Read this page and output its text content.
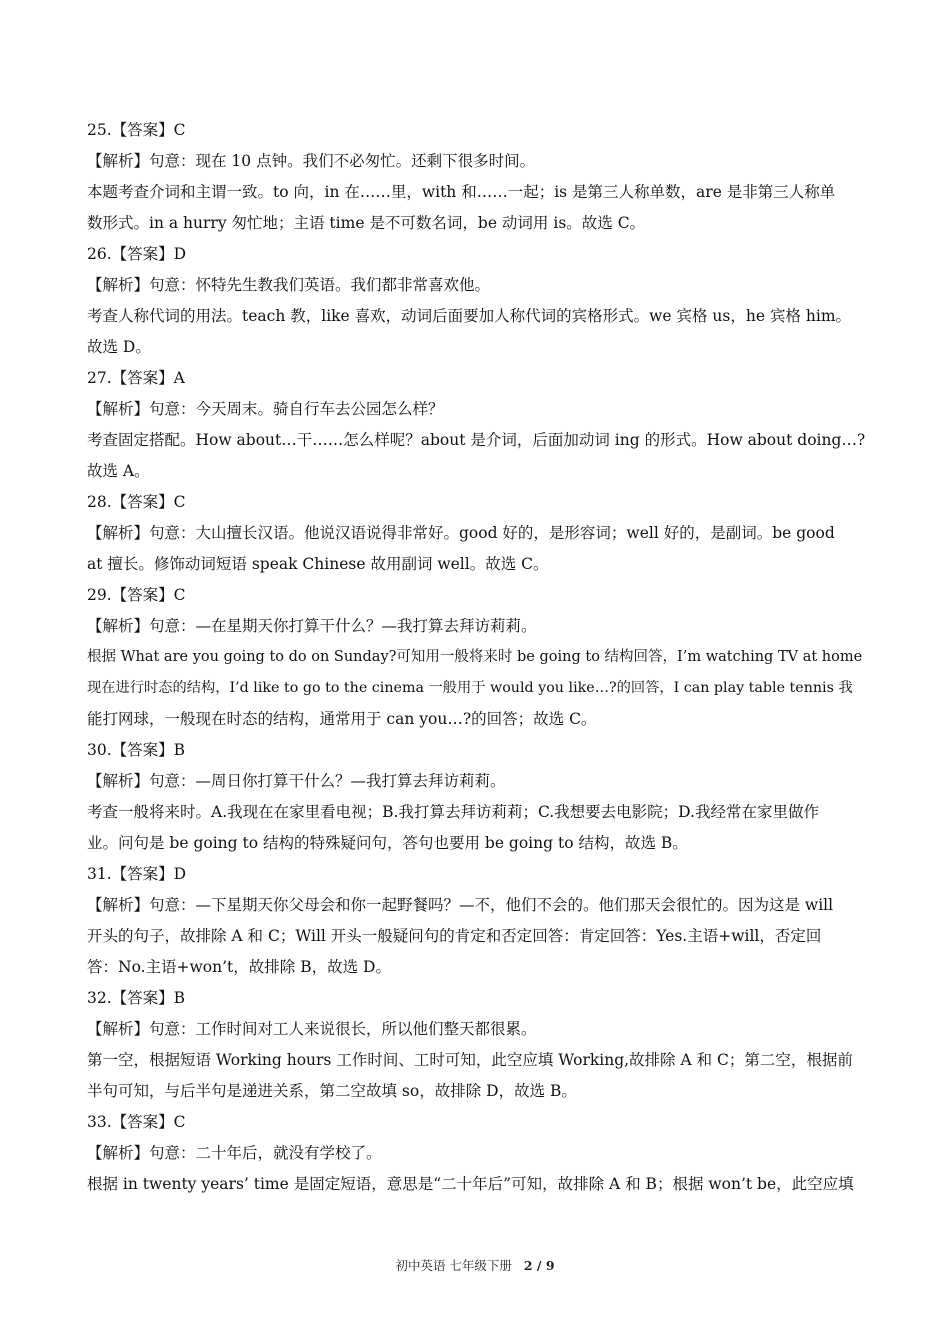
25.【答案】C
【解析】句意：现在 10 点钟。我们不必匆忙。还剩下很多时间。
本题考查介词和主谓一致。to 向，in 在……里，with 和……一起；is 是第三人称单数，are 是非第三人称单
数形式。in a hurry 匆忙地；主语 time 是不可数名词，be 动词用 is。故选 C。
26.【答案】D
【解析】句意：怀特先生教我们英语。我们都非常喜欢他。
考查人称代词的用法。teach 教，like 喜欢，动词后面要加人称代词的宾格形式。we 宾格 us，he 宾格 him。
故选 D。
27.【答案】A
【解析】句意：今天周末。骑自行车去公园怎么样？
考查固定搭配。How about…干……怎么样呢？about 是介词，后面加动词 ing 的形式。How about doing…?
故选 A。
28.【答案】C
【解析】句意：大山擅长汉语。他说汉语说得非常好。good 好的，是形容词；well 好的，是副词。be good
at 擅长。修饰动词短语 speak Chinese 故用副词 well。故选 C。
29.【答案】C
【解析】句意：—在星期天你打算干什么？—我打算去拜访莉莉。
根据 What are you going to do on Sunday?可知用一般将来时 be going to 结构回答，I’m watching TV at home
现在进行时态的结构，I’d like to go to the cinema 一般用于 would you like…?的回答，I can play table tennis 我
能打网球，一般现在时态的结构，通常用于 can you…?的回答；故选 C。
30.【答案】B
【解析】句意：—周日你打算干什么？—我打算去拜访莉莉。
考查一般将来时。A.我现在在家里看电视；B.我打算去拜访莉莉；C.我想要去电影院；D.我经常在家里做作
业。问句是 be going to 结构的特殊疑问句，答句也要用 be going to 结构，故选 B。
31.【答案】D
【解析】句意：—下星期天你父母会和你一起野餐吗？—不，他们不会的。他们那天会很忙的。因为这是 will
开头的句子，故排除 A 和 C；Will 开头一般疑问句的肯定和否定回答：肯定回答：Yes.主语+will，否定回
答：No.主语+won’t，故排除 B，故选 D。
32.【答案】B
【解析】句意：工作时间对工人来说很长，所以他们整天都很累。
第一空，根据短语 Working hours 工作时间、工时可知，此空应填 Working,故排除 A 和 C；第二空，根据前
半句可知，与后半句是递进关系，第二空故填 so，故排除 D，故选 B。
33.【答案】C
【解析】句意：二十年后，就没有学校了。
根据 in twenty years’ time 是固定短语，意思是“二十年后”可知，故排除 A 和 B；根据 won’t be，此空应填
初中英语 七年级下册 2 / 9
